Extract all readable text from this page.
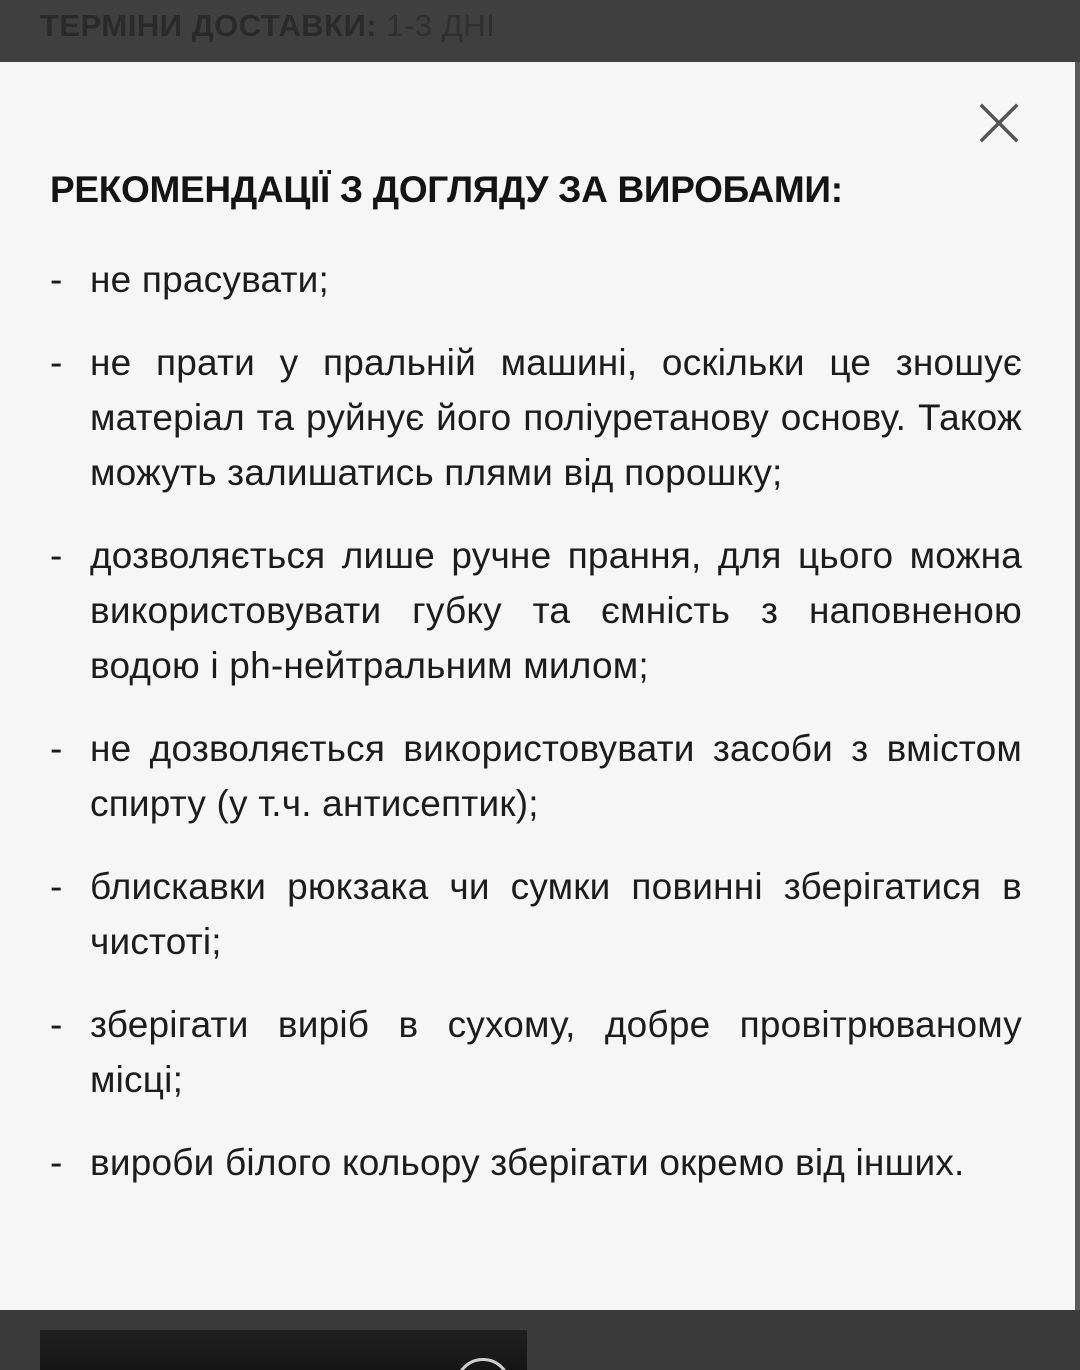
ТЕРМІНИ ДОСТАВКИ: 1-3 ДНІ
РЕКОМЕНДАЦІЇ З ДОГЛЯДУ ЗА ВИРОБАМИ:
- не прасувати;
- не прати у пральній машині, оскільки це зношує матеріал та руйнує його поліуретанову основу. Також можуть залишатись плями від порошку;
- дозволяється лише ручне прання, для цього можна використовувати губку та ємність з наповненою водою і ph-нейтральним милом;
- не дозволяється використовувати засоби з вмістом спирту (у т.ч. антисептик);
- блискавки рюкзака чи сумки повинні зберігатися в чистоті;
- зберігати виріб в сухому, добре провітрюваному місці;
- вироби білого кольору зберігати окремо від інших.
